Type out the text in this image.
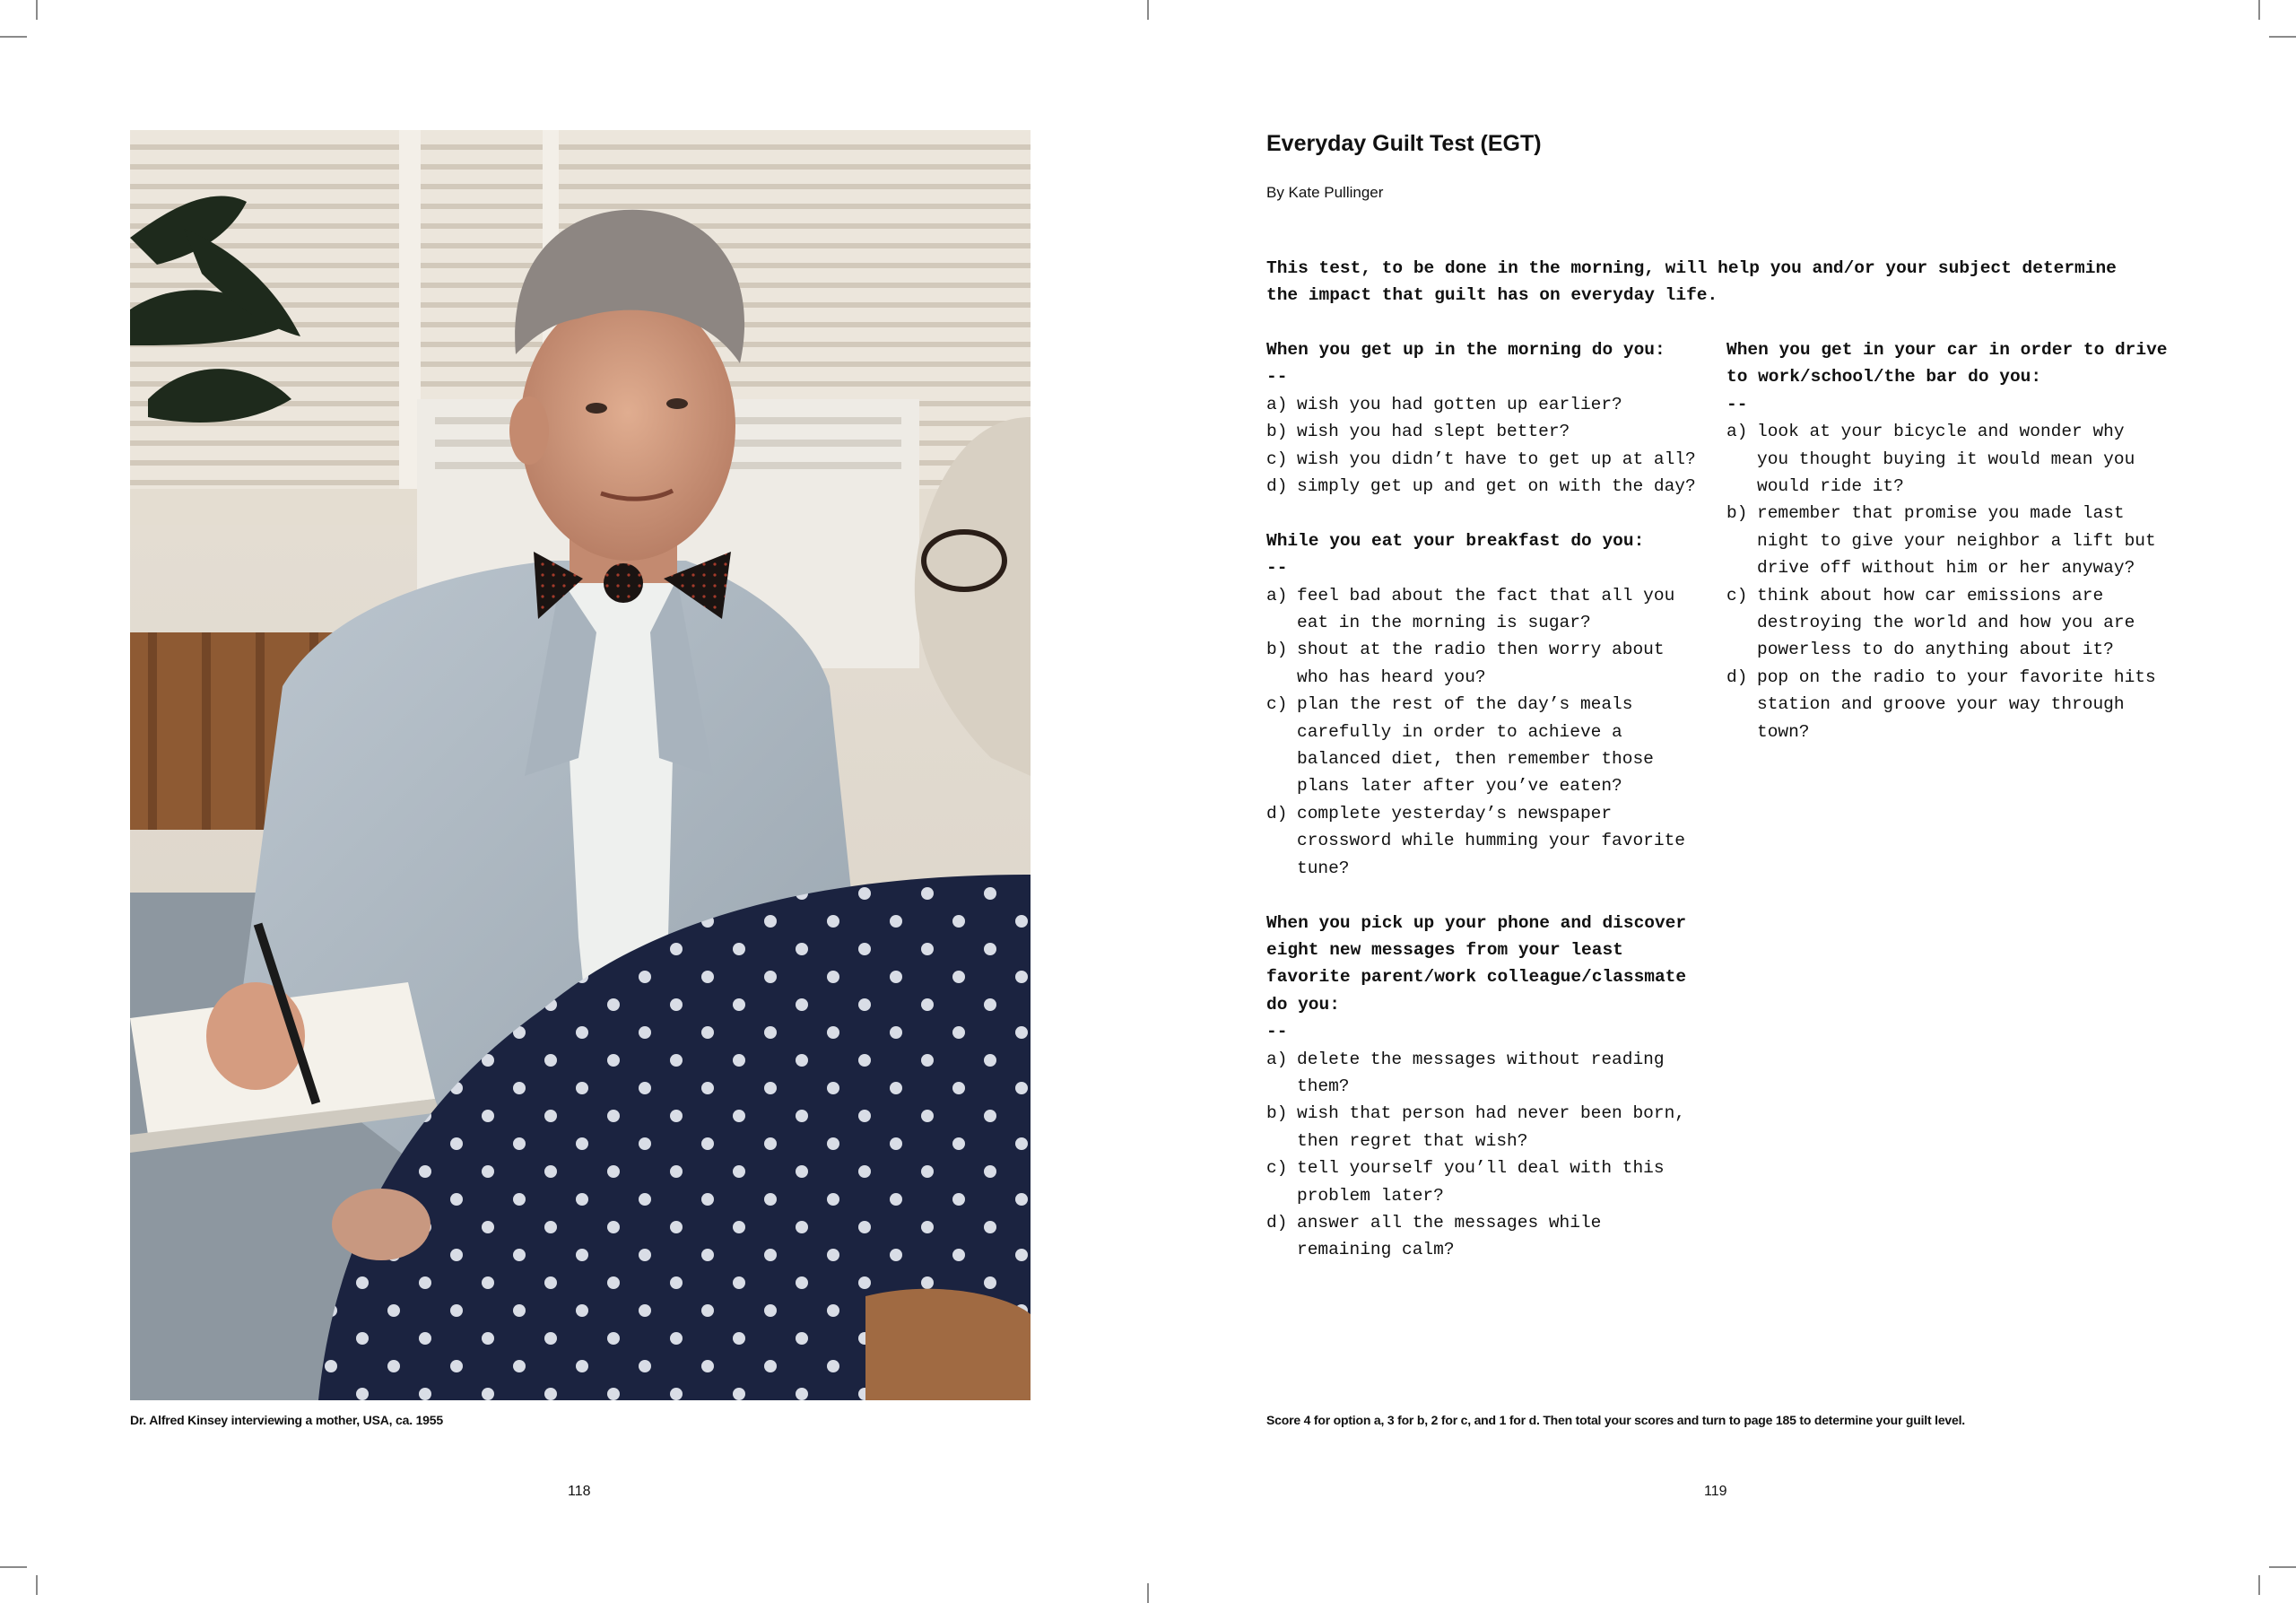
Dr. Alfred Kinsey interviewing a mother, USA, ca. 1955
118
Everyday Guilt Test (EGT)
By Kate Pullinger
This test, to be done in the morning, will help you and/or your subject determine
the impact that guilt has on everyday life.
When you get up in the morning do you:
--
a) wish you had gotten up earlier?
b) wish you had slept better?
c) wish you didn’t have to get up at all?
d) simply get up and get on with the day?
While you eat your breakfast do you:
--
a) feel bad about the fact that all you
eat in the morning is sugar?
b) shout at the radio then worry about
who has heard you?
c) plan the rest of the day’s meals
carefully in order to achieve a
balanced diet, then remember those
plans later after you’ve eaten?
d) complete yesterday’s newspaper
crossword while humming your favorite
tune?
When you pick up your phone and discover
eight new messages from your least
favorite parent/work colleague/classmate
do you:
--
a) delete the messages without reading
them?
b) wish that person had never been born,
then regret that wish?
c) tell yourself you’ll deal with this
problem later?
d) answer all the messages while
remaining calm?
When you get in your car in order to drive
to work/school/the bar do you:
--
a) look at your bicycle and wonder why
you thought buying it would mean you
would ride it?
b) remember that promise you made last
night to give your neighbor a lift but
drive off without him or her anyway?
c) think about how car emissions are
destroying the world and how you are
powerless to do anything about it?
d) pop on the radio to your favorite hits
station and groove your way through
town?
Score 4 for option a, 3 for b, 2 for c, and 1 for d. Then total your scores and turn to page 185 to determine your guilt level.
119
